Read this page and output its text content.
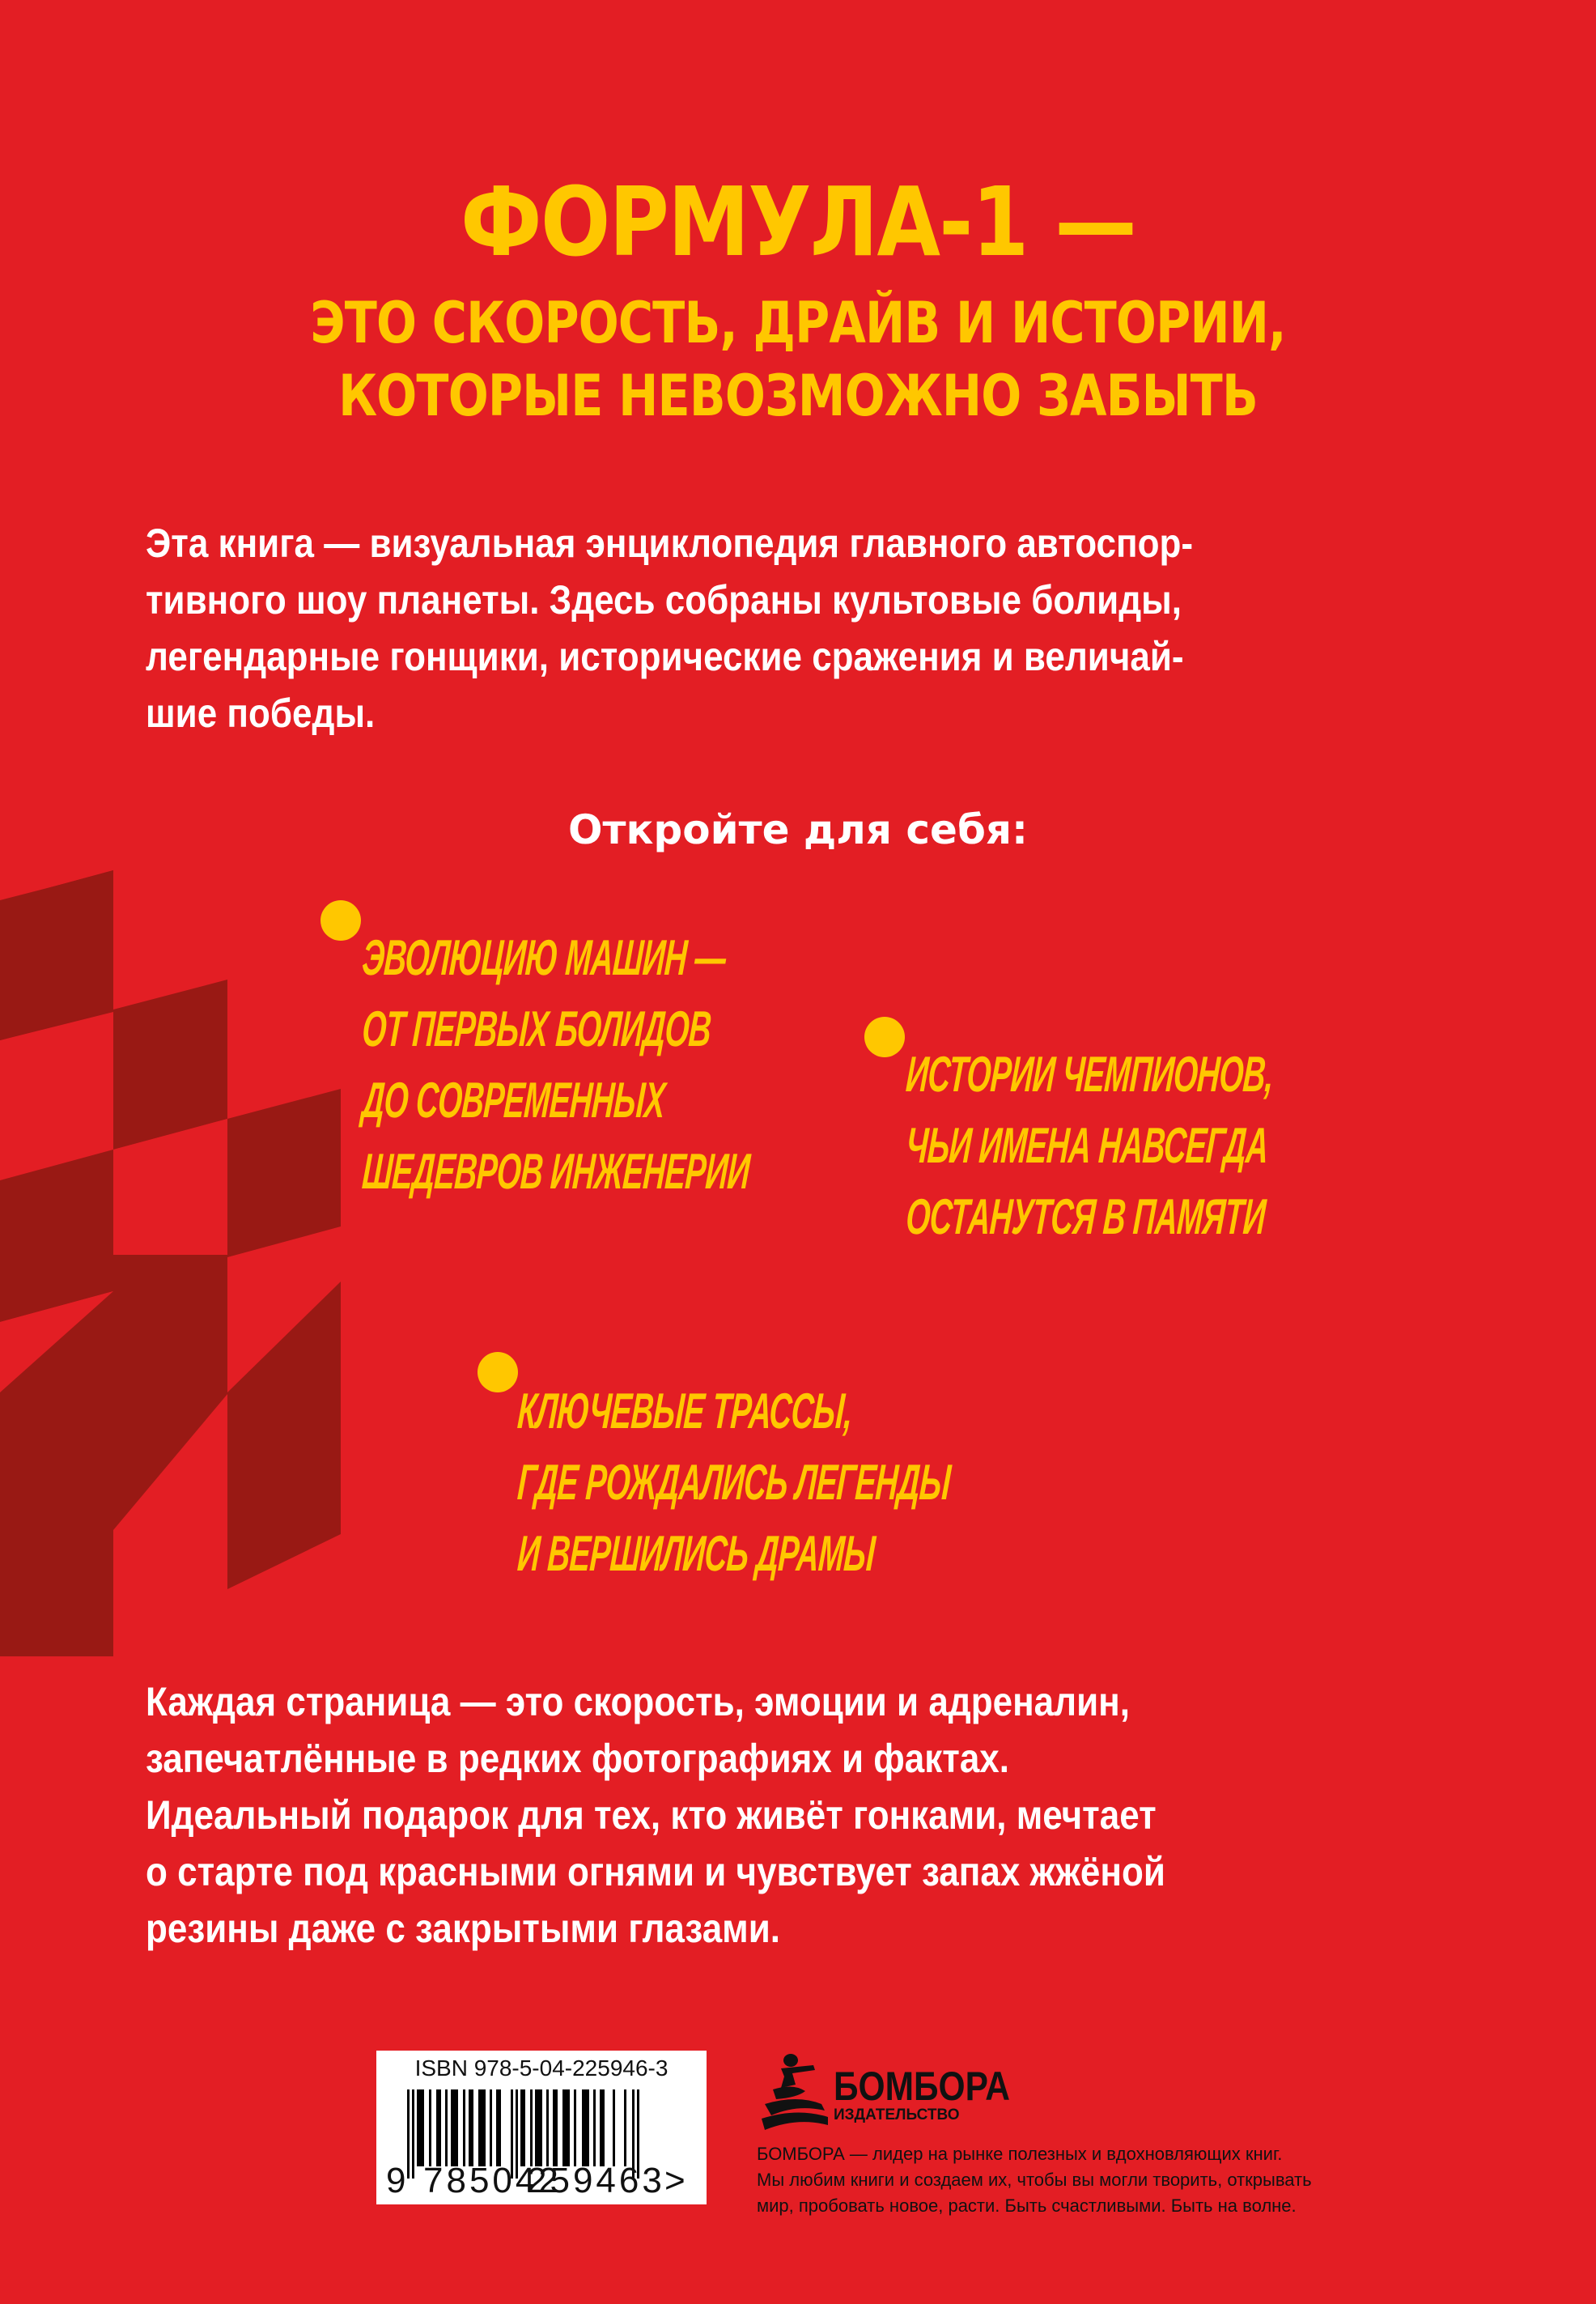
ФОРМУЛА-1 —
ЭТО СКОРОСТЬ, ДРАЙВ И ИСТОРИИ,
КОТОРЫЕ НЕВОЗМОЖНО ЗАБЫТЬ
Эта книга — визуальная энциклопедия главного автоспор-
тивного шоу планеты. Здесь собраны культовые болиды,
легендарные гонщики, исторические сражения и величай-
шие победы.
Откройте для себя:
ЭВОЛЮЦИЮ МАШИН —
ОТ ПЕРВЫХ БОЛИДОВ
ДО СОВРЕМЕННЫХ
ШЕДЕВРОВ ИНЖЕНЕРИИ
ИСТОРИИ ЧЕМПИОНОВ,
ЧЬИ ИМЕНА НАВСЕГДА
ОСТАНУТСЯ В ПАМЯТИ
КЛЮЧЕВЫЕ ТРАССЫ,
ГДЕ РОЖДАЛИСЬ ЛЕГЕНДЫ
И ВЕРШИЛИСЬ ДРАМЫ
Каждая страница — это скорость, эмоции и адреналин,
запечатлённые в редких фотографиях и фактах.
Идеальный подарок для тех, кто живёт гонками, мечтает
о старте под красными огнями и чувствует запах жжёной
резины даже с закрытыми глазами.
ISBN 978-5-04-225946-3
9 785042
259463 >
БОМБОРА
ИЗДАТЕЛЬСТВО
БОМБОРА — лидер на рынке полезных и вдохновляющих книг.
Мы любим книги и создаем их, чтобы вы могли творить, открывать
мир, пробовать новое, расти. Быть счастливыми. Быть на волне.
